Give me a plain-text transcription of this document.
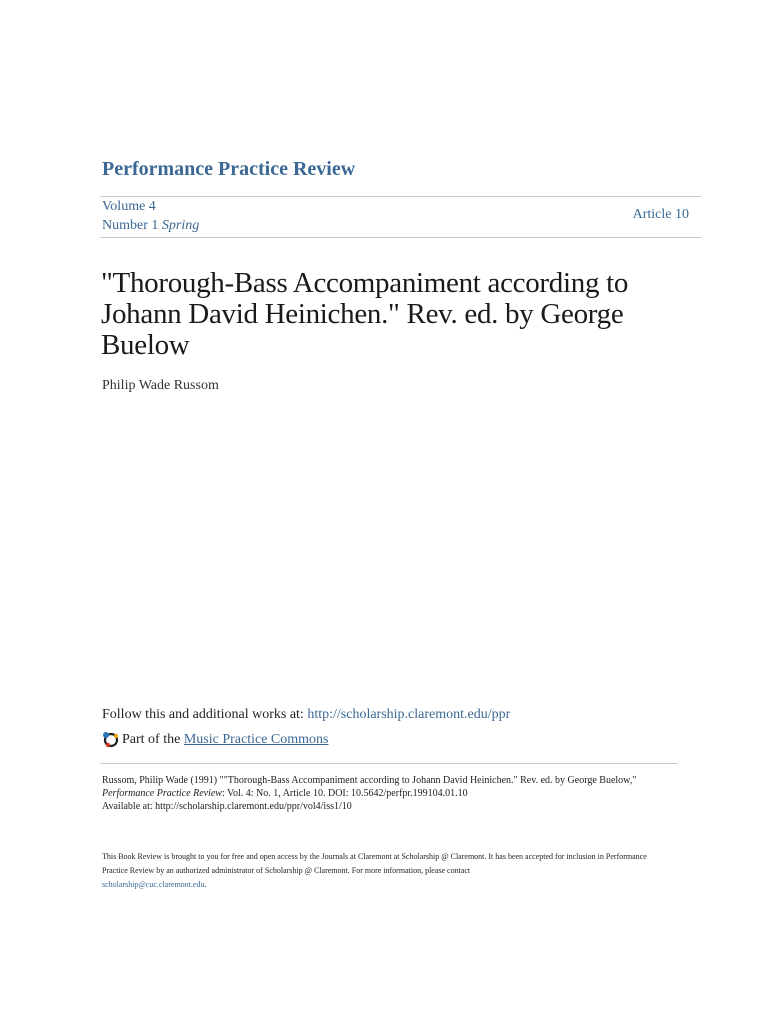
Performance Practice Review
Volume 4
Number 1 Spring
Article 10
"Thorough-Bass Accompaniment according to Johann David Heinichen." Rev. ed. by George Buelow
Philip Wade Russom
Follow this and additional works at: http://scholarship.claremont.edu/ppr
Part of the
Music Practice Commons
Russom, Philip Wade (1991) ""Thorough-Bass Accompaniment according to Johann David Heinichen." Rev. ed. by George Buelow,"
Performance Practice Review: Vol. 4: No. 1, Article 10. DOI: 10.5642/perfpr.199104.01.10
Available at: http://scholarship.claremont.edu/ppr/vol4/iss1/10
This Book Review is brought to you for free and open access by the Journals at Claremont at Scholarship @ Claremont. It has been accepted for inclusion in Performance Practice Review by an authorized administrator of Scholarship @ Claremont. For more information, please contact
scholarship@cuc.claremont.edu.
